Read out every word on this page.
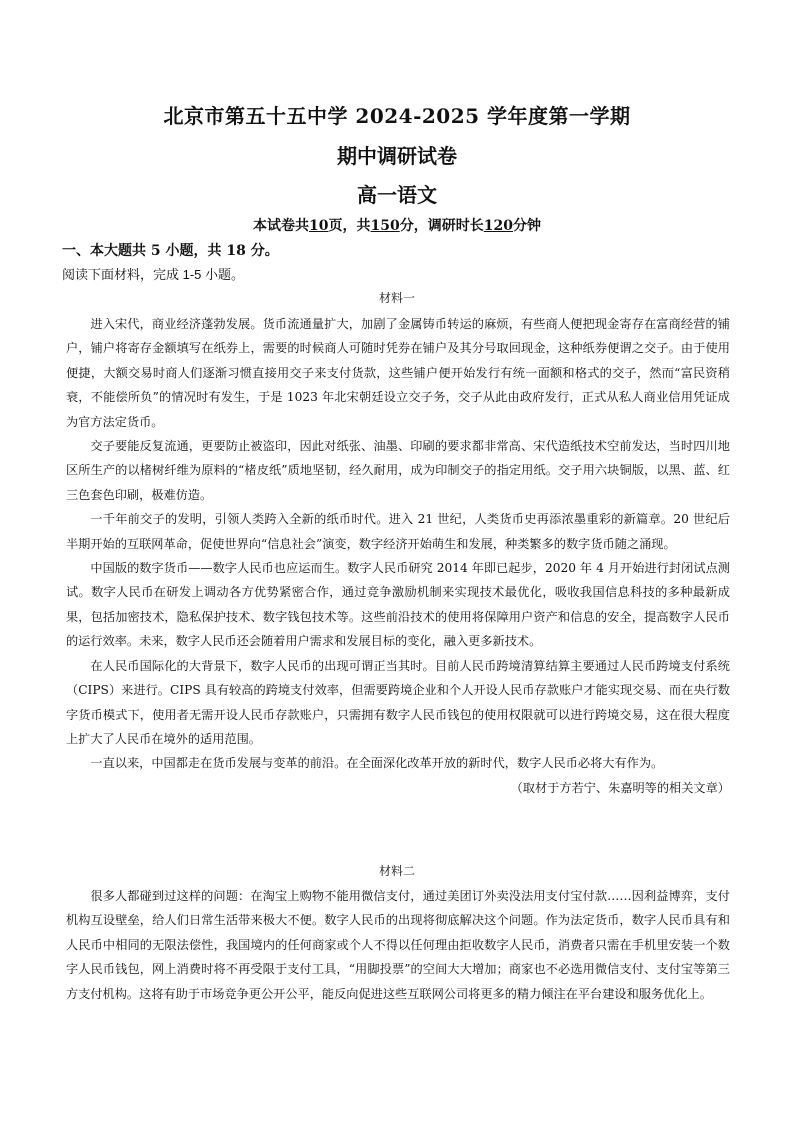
北京市第五十五中学 2024-2025 学年度第一学期
期中调研试卷
高一语文
本试卷共10页，共150分，调研时长120分钟
一、本大题共 5 小题，共 18 分。
阅读下面材料，完成 1-5 小题。
材料一

进入宋代，商业经济蓬勃发展。货币流通量扩大，加剧了金属铸币转运的麻烦，有些商人便把现金寄存在富商经营的铺户，铺户将寄存金额填写在纸券上，需要的时候商人可随时凭券在铺户及其分号取回现金，这种纸券便谓之交子。由于使用便捷，大额交易时商人们逐渐习惯直接用交子来支付货款，这些铺户便开始发行有统一面额和格式的交子，然而“富民资稍衰，不能偿所负”的情况时有发生，于是 1023 年北宋朝廷设立交子务，交子从此由政府发行，正式从私人商业信用凭证成为官方法定货币。

交子要能反复流通，更要防止被盗印，因此对纸张、油墨、印刷的要求都非常高、宋代造纸技术空前发达，当时四川地区所生产的以楮树纤维为原料的“楮皮纸”质地坚韧，经久耐用，成为印制交子的指定用纸。交子用六块铜版，以黑、蓝、红三色套色印刷，极难仿造。

一千年前交子的发明，引领人类跨入全新的纸币时代。进入 21 世纪，人类货币史再添浓墨重彩的新篇章。20 世纪后半期开始的互联网革命，促使世界向“信息社会”演变，数字经济开始萌生和发展，种类繁多的数字货币随之涌现。

中国版的数字货币——数字人民币也应运而生。数字人民币研究 2014 年即已起步，2020 年 4 月开始进行封闭试点测试。数字人民币在研发上调动各方优势紧密合作，通过竞争激励机制来实现技术最优化，吸收我国信息科技的多种最新成果，包括加密技术，隐私保护技术、数字钱包技术等。这些前沿技术的使用将保障用户资产和信息的安全，提高数字人民币的运行效率。未来，数字人民币还会随着用户需求和发展目标的变化，融入更多新技术。

在人民币国际化的大背景下，数字人民币的出现可谓正当其时。目前人民币跨境清算结算主要通过人民币跨境支付系统（CIPS）来进行。CIPS 具有较高的跨境支付效率，但需要跨境企业和个人开设人民币存款账户才能实现交易、而在央行数字货币模式下，使用者无需开设人民币存款账户，只需拥有数字人民币钱包的使用权限就可以进行跨境交易，这在很大程度上扩大了人民币在境外的适用范围。

一直以来，中国都走在货币发展与变革的前沿。在全面深化改革开放的新时代，数字人民币必将大有作为。

（取材于方若宁、朱嘉明等的相关文章）

材料二

很多人都碰到过这样的问题：在淘宝上购物不能用微信支付，通过美团订外卖没法用支付宝付款……因利益博弈，支付机构互设壁垒，给人们日常生活带来极大不便。数字人民币的出现将彻底解决这个问题。作为法定货币，数字人民币具有和人民币中相同的无限法偿性，我国境内的任何商家或个人不得以任何理由拒收数字人民币，消费者只需在手机里安装一个数字人民币钱包，网上消费时将不再受限于支付工具，“用脚投票”的空间大大增加；商家也不必选用微信支付、支付宝等第三方支付机构。这将有助于市场竞争更公开公平，能反向促进这些互联网公司将更多的精力倾注在平台建设和服务优化上。
